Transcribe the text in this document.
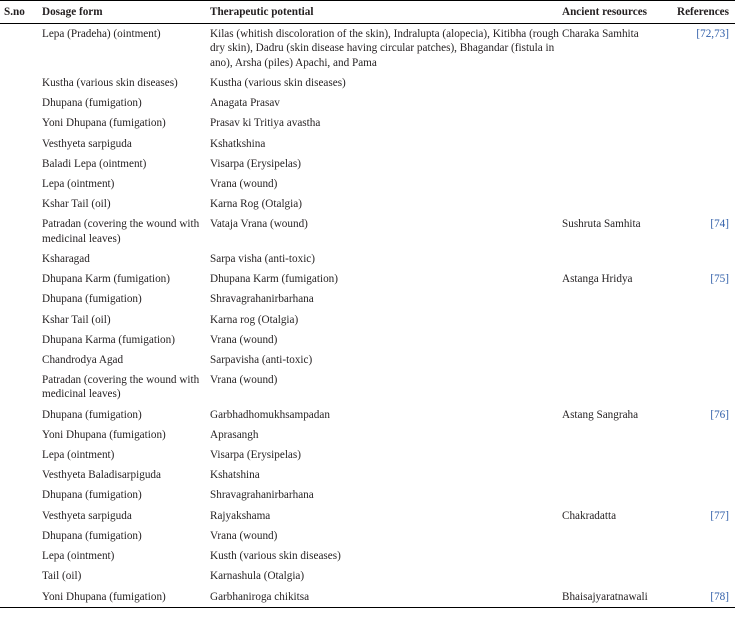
S.no	Dosage form	Therapeutic potential	Ancient resources	References
	Lepa (Pradeha) (ointment)	Kilas (whitish discoloration of the skin), Indralupta (alopecia), Kitibha (rough dry skin), Dadru (skin disease having circular patches), Bhagandar (fistula in ano), Arsha (piles) Apachi, and Pama	Charaka Samhita	[72,73]
	Kustha (various skin diseases)	Kustha (various skin diseases)		
	Dhupana (fumigation)	Anagata Prasav		
	Yoni Dhupana (fumigation)	Prasav ki Tritiya avastha		
	Vesthyeta sarpiguda	Kshatkshina		
	Baladi Lepa (ointment)	Visarpa (Erysipelas)		
	Lepa (ointment)	Vrana (wound)		
	Kshar Tail (oil)	Karna Rog (Otalgia)		
	Patradan (covering the wound with medicinal leaves)	Vataja Vrana (wound)	Sushruta Samhita	[74]
	Ksharagad	Sarpa visha (anti-toxic)		
	Dhupana Karm (fumigation)	Dhupana Karm (fumigation)	Astanga Hridya	[75]
	Dhupana (fumigation)	Shravagrahanirbarhana		
	Kshar Tail (oil)	Karna rog (Otalgia)		
	Dhupana Karma (fumigation)	Vrana (wound)		
	Chandrodya Agad	Sarpavisha (anti-toxic)		
	Patradan (covering the wound with medicinal leaves)	Vrana (wound)		
	Dhupana (fumigation)	Garbhadhomukhsampadan	Astang Sangraha	[76]
	Yoni Dhupana (fumigation)	Aprasangh		
	Lepa (ointment)	Visarpa (Erysipelas)		
	Vesthyeta Baladisarpiguda	Kshatshina		
	Dhupana (fumigation)	Shravagrahanirbarhana		
	Vesthyeta sarpiguda	Rajyakshama	Chakradatta	[77]
	Dhupana (fumigation)	Vrana (wound)		
	Lepa (ointment)	Kusth (various skin diseases)		
	Tail (oil)	Karnashula (Otalgia)		
	Yoni Dhupana (fumigation)	Garbhaniroga chikitsa	Bhaisajyaratnawali	[78]
